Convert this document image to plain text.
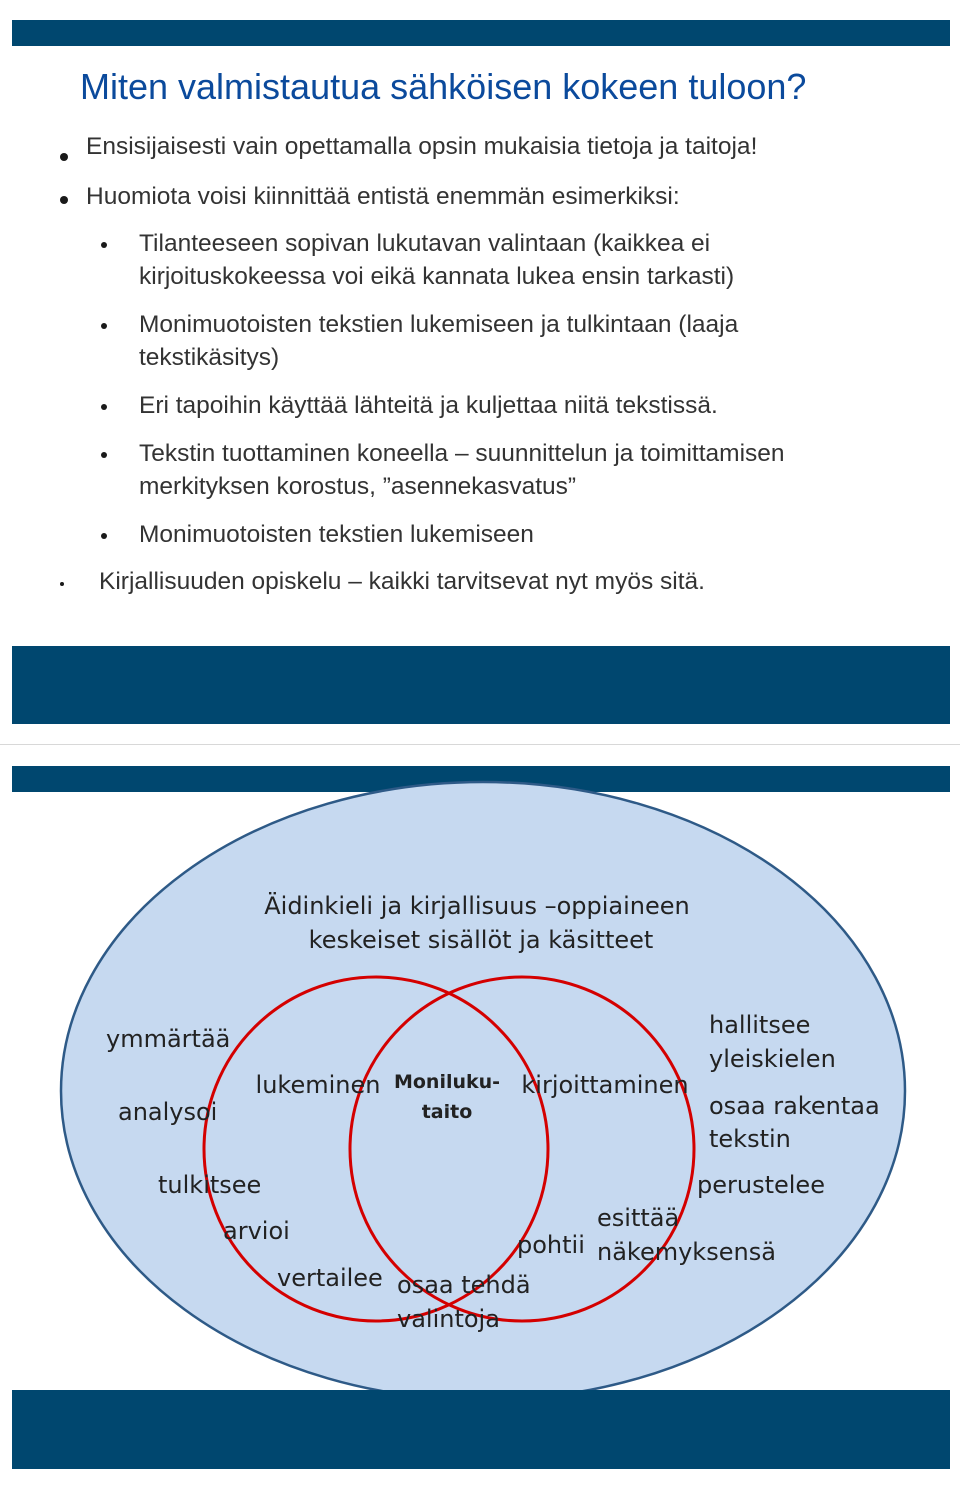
Miten valmistautua sähköisen kokeen tuloon?
Ensisijaisesti vain opettamalla opsin mukaisia tietoja ja taitoja!
Huomiota voisi kiinnittää entistä enemmän esimerkiksi:
Tilanteeseen sopivan lukutavan valintaan (kaikkea ei
kirjoituskokeessa voi eikä kannata lukea ensin tarkasti)
Monimuotoisten tekstien lukemiseen ja tulkintaan (laaja
tekstikäsitys)
Eri tapoihin käyttää lähteitä ja kuljettaa niitä tekstissä.
Tekstin tuottaminen koneella – suunnittelun ja toimittamisen
merkityksen korostus, ”asennekasvatus”
Monimuotoisten tekstien lukemiseen
Kirjallisuuden opiskelu – kaikki tarvitsevat nyt myös sitä.
Äidinkieli ja kirjallisuus –oppiaineen
keskeiset sisällöt ja käsitteet
lukeminen	kirjoittaminen
Moniluku-
taito
ymmärtää
analysoi
tulkitsee
arvioi
vertailee osaa tehdä
valintoja
pohtii
esittää
näkemyksensä
perustelee
hallitsee
yleiskielen
osaa rakentaa
tekstin
